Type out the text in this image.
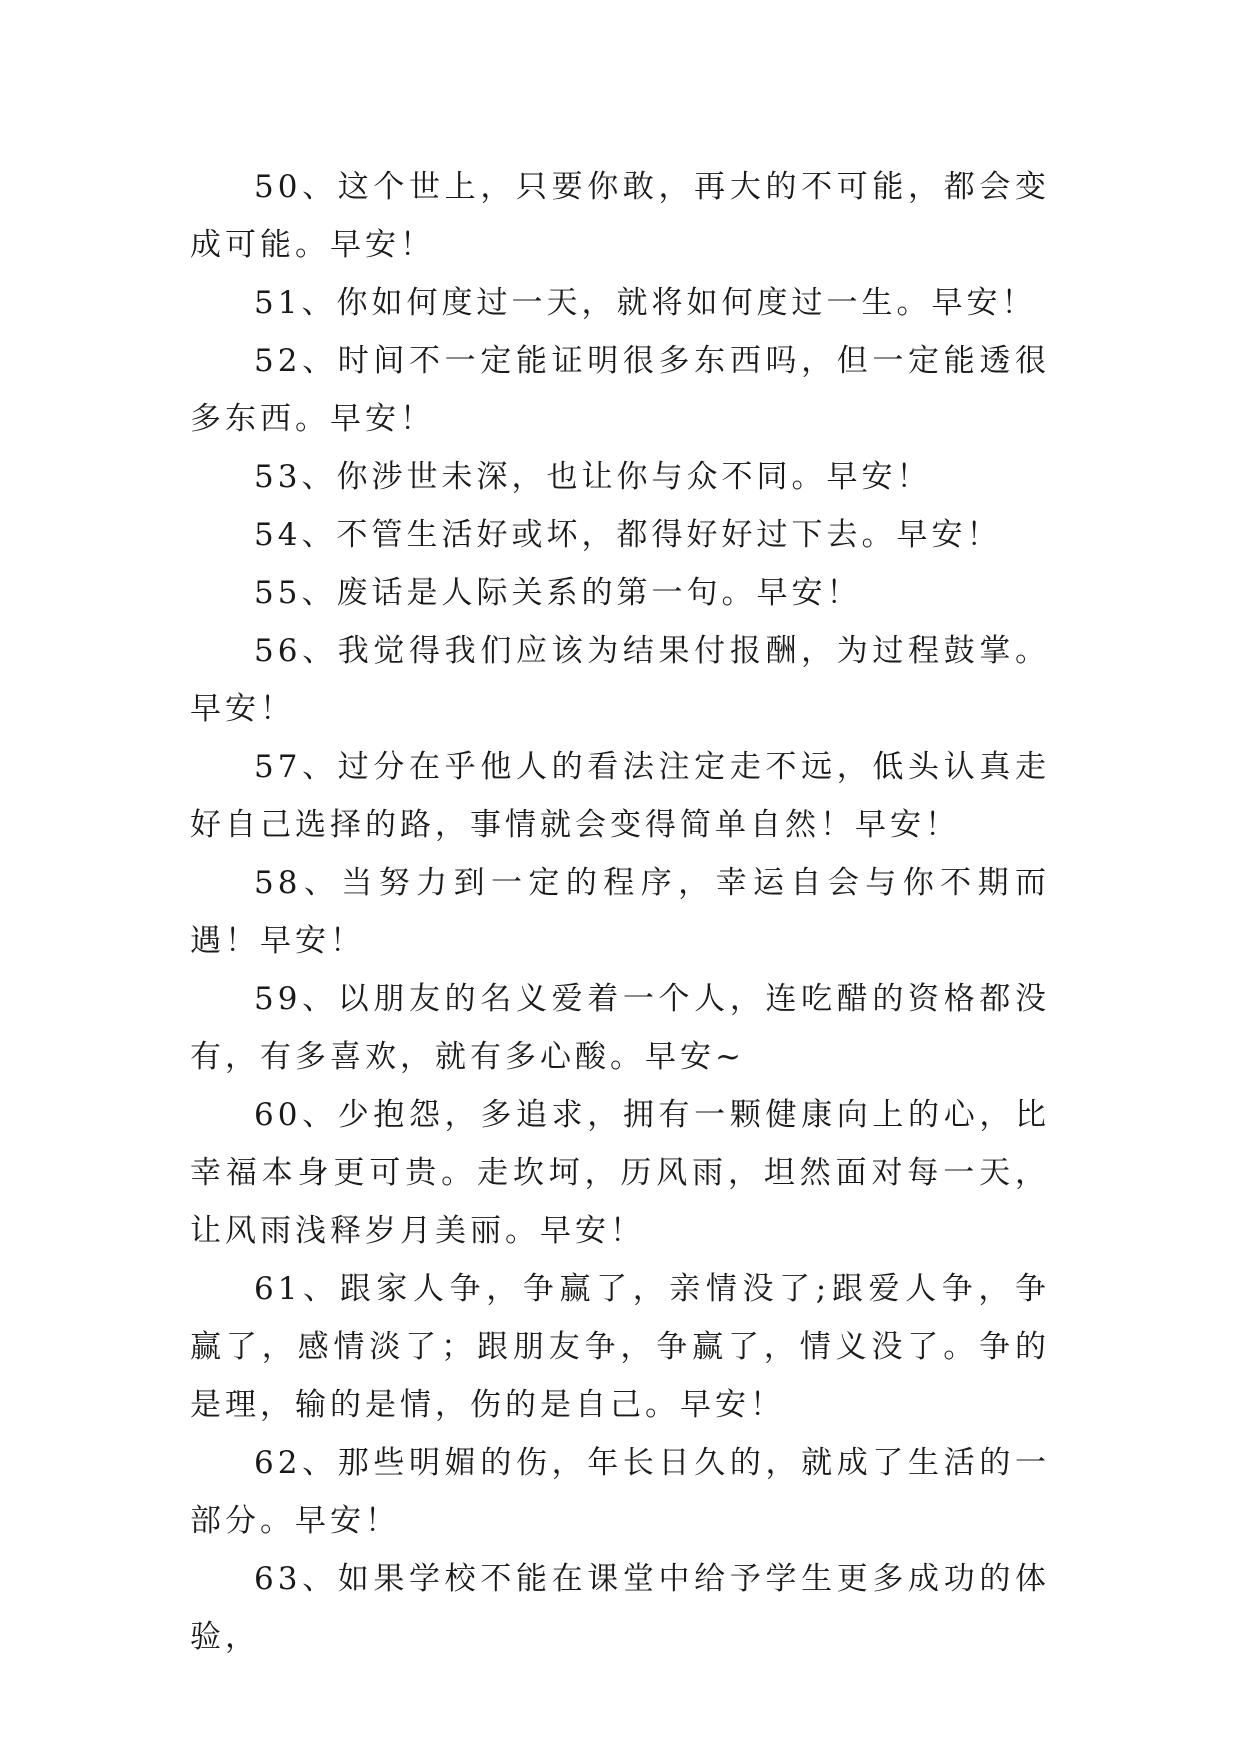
50、这个世上，只要你敢，再大的不可能，都会变成可能。早安！

51、你如何度过一天，就将如何度过一生。早安！

52、时间不一定能证明很多东西吗，但一定能透很多东西。早安！

53、你涉世未深，也让你与众不同。早安！

54、不管生活好或坏，都得好好过下去。早安！

55、废话是人际关系的第一句。早安！

56、我觉得我们应该为结果付报酬，为过程鼓掌。早安！

57、过分在乎他人的看法注定走不远，低头认真走好自己选择的路，事情就会变得简单自然！早安！

58、当努力到一定的程序，幸运自会与你不期而遇！早安！

59、以朋友的名义爱着一个人，连吃醋的资格都没有，有多喜欢，就有多心酸。早安~

60、少抱怨，多追求，拥有一颗健康向上的心，比幸福本身更可贵。走坎坷，历风雨，坦然面对每一天，让风雨浅释岁月美丽。早安！

61、跟家人争，争赢了，亲情没了;跟爱人争，争赢了，感情淡了；跟朋友争，争赢了，情义没了。争的是理，输的是情，伤的是自己。早安！

62、那些明媚的伤，年长日久的，就成了生活的一部分。早安！

63、如果学校不能在课堂中给予学生更多成功的体验，
